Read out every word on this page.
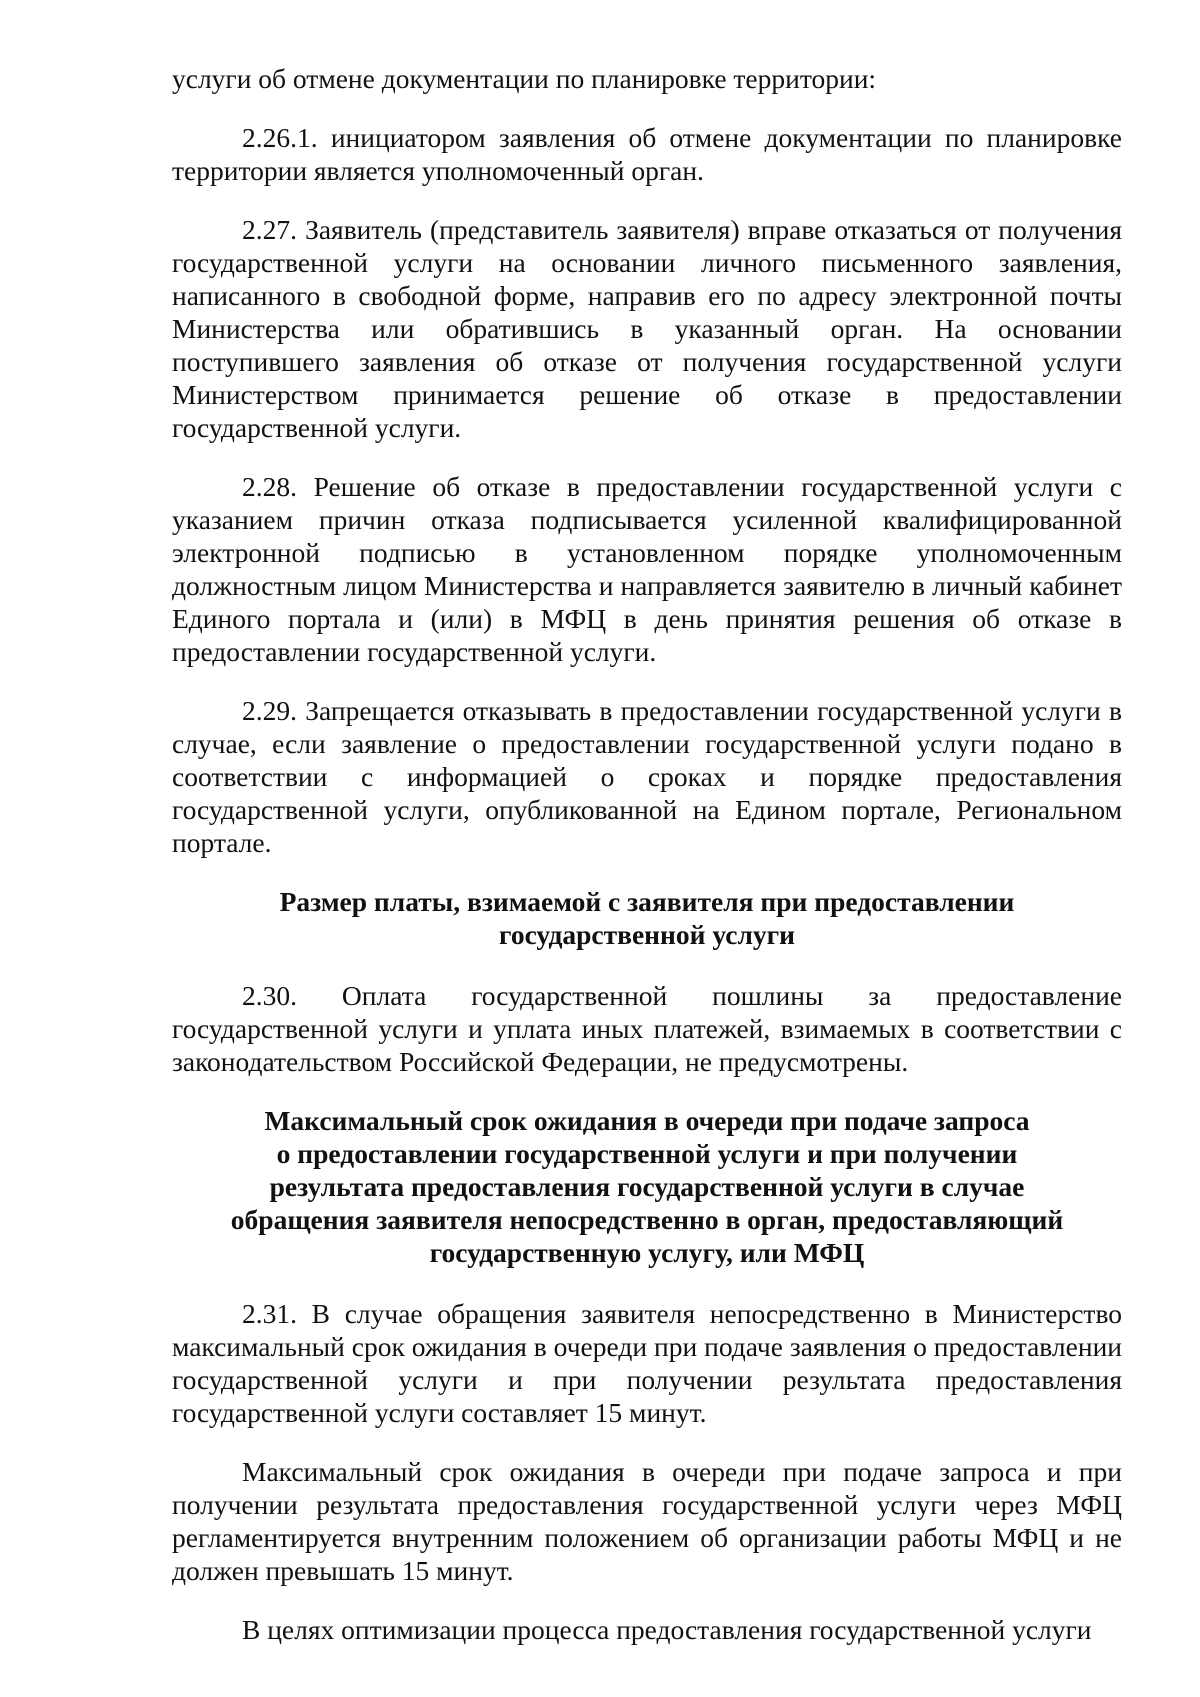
услуги об отмене документации по планировке территории:

2.26.1. инициатором заявления об отмене документации по планировке территории является уполномоченный орган.

2.27. Заявитель (представитель заявителя) вправе отказаться от получения государственной услуги на основании личного письменного заявления, написанного в свободной форме, направив его по адресу электронной почты Министерства или обратившись в указанный орган. На основании поступившего заявления об отказе от получения государственной услуги Министерством принимается решение об отказе в предоставлении государственной услуги.

2.28. Решение об отказе в предоставлении государственной услуги с указанием причин отказа подписывается усиленной квалифицированной электронной подписью в установленном порядке уполномоченным должностным лицом Министерства и направляется заявителю в личный кабинет Единого портала и (или) в МФЦ в день принятия решения об отказе в предоставлении государственной услуги.

2.29. Запрещается отказывать в предоставлении государственной услуги в случае, если заявление о предоставлении государственной услуги подано в соответствии с информацией о сроках и порядке предоставления государственной услуги, опубликованной на Едином портале, Региональном портале.

Размер платы, взимаемой с заявителя при предоставлении
государственной услуги

2.30. Оплата государственной пошлины за предоставление государственной услуги и уплата иных платежей, взимаемых в соответствии с законодательством Российской Федерации, не предусмотрены.

Максимальный срок ожидания в очереди при подаче запроса
о предоставлении государственной услуги и при получении
результата предоставления государственной услуги в случае
обращения заявителя непосредственно в орган, предоставляющий
государственную услугу, или МФЦ

2.31. В случае обращения заявителя непосредственно в Министерство максимальный срок ожидания в очереди при подаче заявления о предоставлении государственной услуги и при получении результата предоставления государственной услуги составляет 15 минут.

Максимальный срок ожидания в очереди при подаче запроса и при получении результата предоставления государственной услуги через МФЦ регламентируется внутренним положением об организации работы МФЦ и не должен превышать 15 минут.

В целях оптимизации процесса предоставления государственной услуги
